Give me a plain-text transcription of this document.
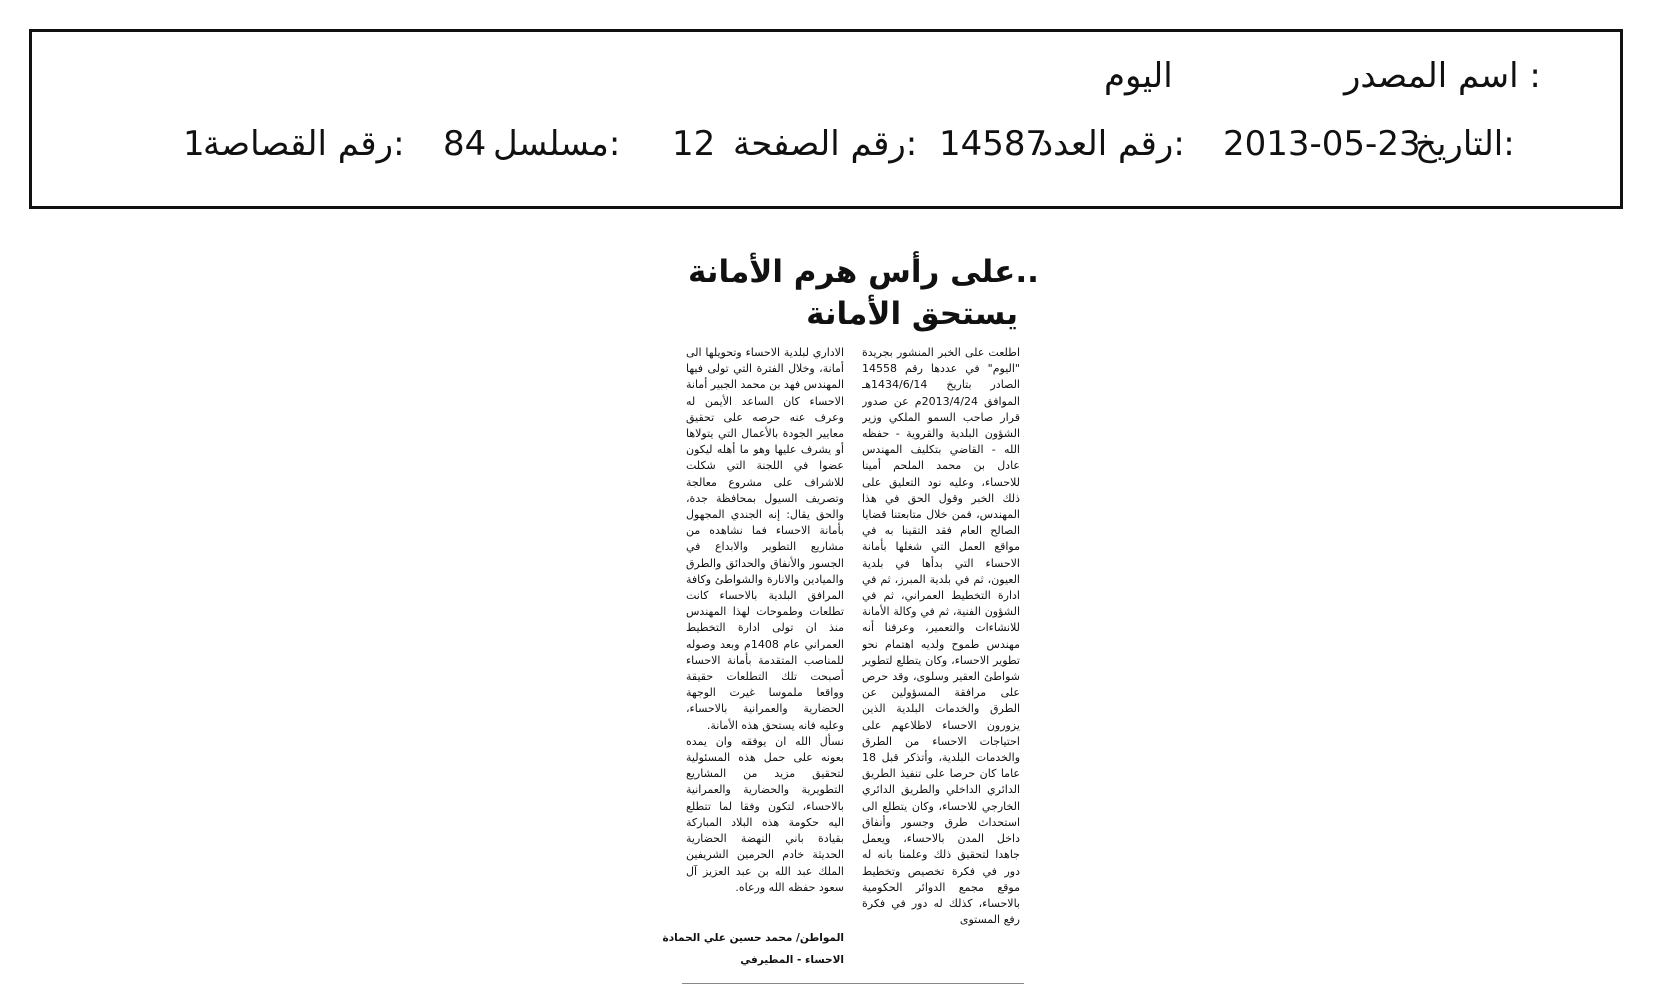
اسم المصدر :
اليوم
التاريخ:
2013-05-23
رقم العدد:
14587
رقم الصفحة:
12
مسلسل:
84
رقم القصاصة:
1
على رأس هرم الأمانة..
يستحق الأمانة

اطلعت على الخبر المنشور بجريدة "اليوم" في عددها رقم 14558 الصادر بتاريخ 1434/6/14هـ الموافق 2013/4/24م عن صدور قرار صاحب السمو الملكي وزير الشؤون البلدية والقروية - حفظه الله - القاضي بتكليف المهندس عادل بن محمد الملحم أمينا للاحساء، وعليه نود التعليق على ذلك الخبر وقول الحق في هذا المهندس، فمن خلال متابعتنا قضايا الصالح العام فقد التقينا به في مواقع العمل التي شغلها بأمانة الاحساء التي بدأها في بلدية العيون، ثم في بلدية المبرز، ثم في ادارة التخطيط العمراني، ثم في الشؤون الفنية، ثم في وكالة الأمانة للانشاءات والتعمير، وعرفنا أنه مهندس طموح ولديه اهتمام نحو تطوير الاحساء، وكان يتطلع لتطوير شواطئ العقير وسلوى، وقد حرص على مرافقة المسؤولين عن الطرق والخدمات البلدية الذين يزورون الاحساء لاطلاعهم على احتياجات الاحساء من الطرق والخدمات البلدية، وأتذكر قبل 18 عاما كان حرصا على تنفيذ الطريق الدائري الداخلي والطريق الدائري الخارجي للاحساء، وكان يتطلع الى استحداث طرق وجسور وأنفاق داخل المدن بالاحساء، ويعمل جاهدا لتحقيق ذلك وعلمنا بانه له دور في فكرة تخصيص وتخطيط موقع مجمع الدوائر الحكومية بالاحساء، كذلك له دور في فكرة رفع المستوى

الاداري لبلدية الاحساء وتحويلها الى أمانة، وخلال الفترة التي تولى فيها المهندس فهد بن محمد الجبير أمانة الاحساء كان الساعد الأيمن له وعرف عنه حرصه على تحقيق معايير الجودة بالأعمال التي يتولاها أو يشرف عليها وهو ما أهله ليكون عضوا في اللجنة التي شكلت للاشراف على مشروع معالجة وتصريف السيول بمحافظة جدة، والحق يقال: إنه الجندي المجهول بأمانة الاحساء فما نشاهده من مشاريع التطوير والابداع في الجسور والأنفاق والحدائق والطرق والميادين والانارة والشواطئ وكافة المرافق البلدية بالاحساء كانت تطلعات وطموحات لهذا المهندس منذ ان تولى ادارة التخطيط العمراني عام 1408م وبعد وصوله للمناصب المتقدمة بأمانة الاحساء أصبحت تلك التطلعات حقيقة وواقعا ملموسا غيرت الوجهة الحضارية والعمرانية بالاحساء، وعليه فانه يستحق هذه الأمانة.

نسأل الله ان يوفقه وان يمده بعونه على حمل هذه المسئولية لتحقيق مزيد من المشاريع التطويرية والحضارية والعمرانية بالاحساء، لتكون وفقا لما تتطلع اليه حكومة هذه البلاد المباركة بقيادة باني النهضة الحضارية الحديثة خادم الحرمين الشريفين الملك عبد الله بن عبد العزيز آل سعود حفظه الله ورعاه.

المواطن/ محمد حسين علي الحمادة
الاحساء - المطيرفي
